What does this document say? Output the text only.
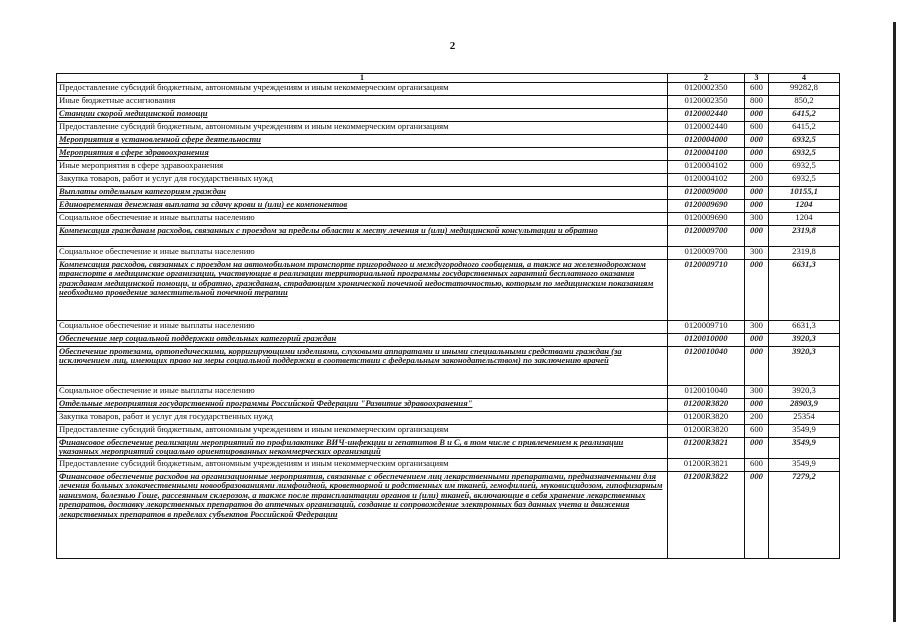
2
1	2	3	4
Предоставление субсидий бюджетным, автономным учреждениям и иным некоммерческим организациям	0120002350	600	99282,8
Иные бюджетные ассигнования	0120002350	800	850,2
Станции скорой медицинской помощи	0120002440	000	6415,2
Предоставление субсидий бюджетным, автономным учреждениям и иным некоммерческим организациям	0120002440	600	6415,2
Мероприятия в установленной сфере деятельности	0120004000	000	6932,5
Мероприятия в сфере здравоохранения	0120004100	000	6932,5
Иные мероприятия в сфере здравоохранения	0120004102	000	6932,5
Закупка товаров, работ и услуг для государственных нужд	0120004102	200	6932,5
Выплаты отдельным категориям граждан	0120009000	000	10155,1
Единовременная денежная выплата за сдачу крови и (или) ее компонентов	0120009690	000	1204
Социальное обеспечение и иные выплаты населению	0120009690	300	1204
Компенсация гражданам расходов, связанных с проездом за пределы области к месту лечения и (или) медицинской консультации и обратно	0120009700	000	2319,8
Социальное обеспечение и иные выплаты населению	0120009700	300	2319,8
Компенсация расходов, связанных с проездом на автомобильном транспорте пригородного и междугородного сообщения, а также на железнодорожном транспорте в медицинские организации, участвующие в реализации территориальной программы государственных гарантий бесплатного оказания гражданам медицинской помощи, и обратно, гражданам, страдающим хронической почечной недостаточностью, которым по медицинским показаниям необходимо проведение заместительной почечной терапии	0120009710	000	6631,3
Социальное обеспечение и иные выплаты населению	0120009710	300	6631,3
Обеспечение мер социальной поддержки отдельных категорий граждан	0120010000	000	3920,3
Обеспечение протезами, ортопедическими, корригирующими изделиями, слуховыми аппаратами и иными специальными средствами граждан (за исключением лиц, имеющих право на меры социальной поддержки в соответствии с федеральным законодательством) по заключению врачей	0120010040	000	3920,3
Социальное обеспечение и иные выплаты населению	0120010040	300	3920,3
Отдельные мероприятия государственной программы Российской Федерации "Развитие здравоохранения"	01200R3820	000	28903,9
Закупка товаров, работ и услуг для государственных нужд	01200R3820	200	25354
Предоставление субсидий бюджетным, автономным учреждениям и иным некоммерческим организациям	01200R3820	600	3549,9
Финансовое обеспечение реализации мероприятий по профилактике ВИЧ-инфекции и гепатитов В и С, в том числе с привлечением к реализации указанных мероприятий социально ориентированных некоммерческих организаций	01200R3821	000	3549,9
Предоставление субсидий бюджетным, автономным учреждениям и иным некоммерческим организациям	01200R3821	600	3549,9
Финансовое обеспечение расходов на организационные мероприятия, связанные с обеспечением лиц лекарственными препаратами, предназначенными для лечения больных злокачественными новообразованиями лимфоидной, кроветворной и родственных им тканей, гемофилией, муковисцидозом, гипофизарным нанизмом, болезнью Гоше, рассеянным склерозом, а также после трансплантации органов и (или) тканей, включающие в себя хранение лекарственных препаратов, доставку лекарственных препаратов до аптечных организаций, создание и сопровождение электронных баз данных учета и движения лекарственных препаратов в пределах субъектов Российской Федерации	01200R3822	000	7279,2
